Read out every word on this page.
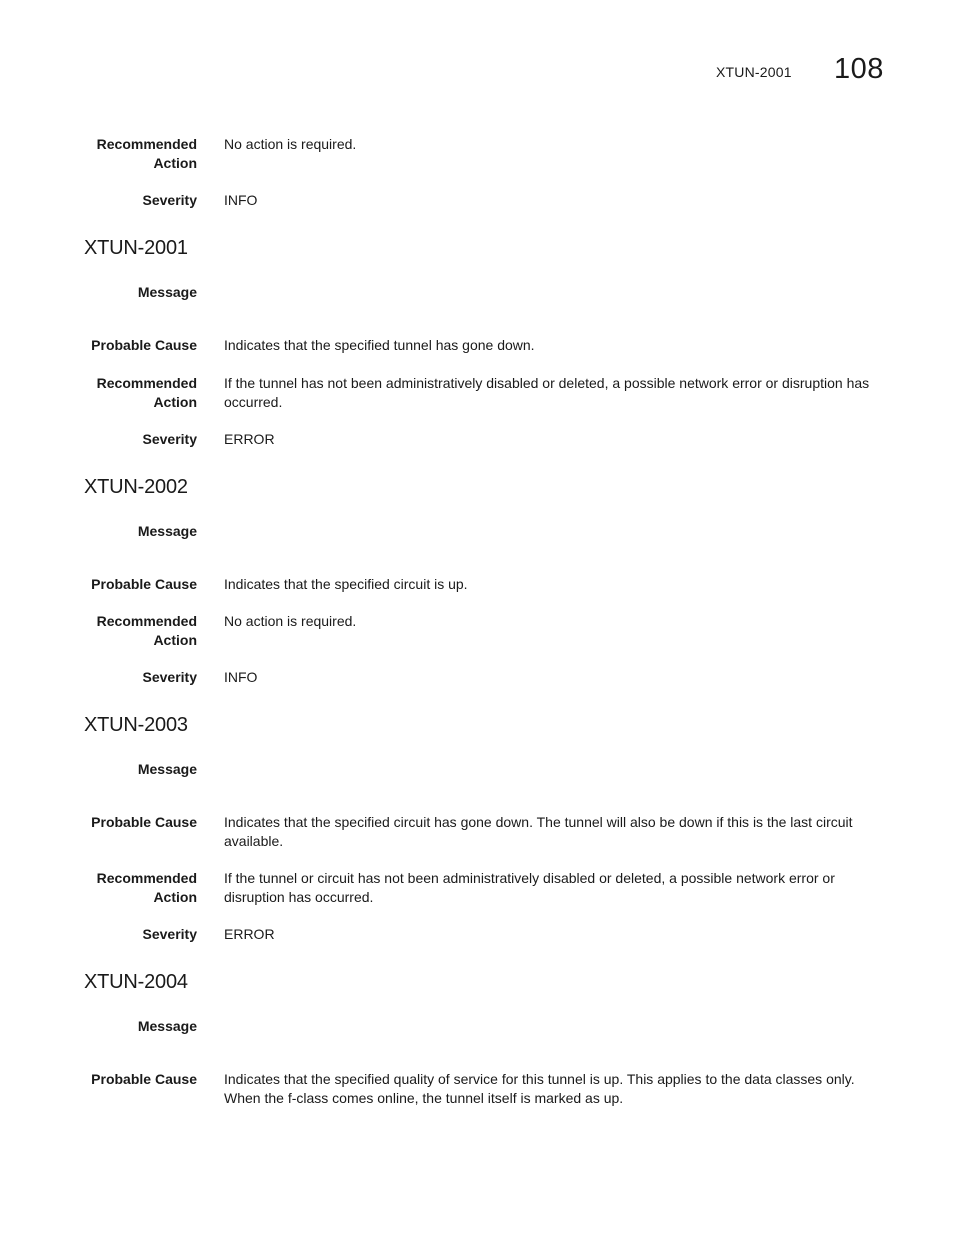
XTUN-2001 108
Recommended
Action
No action is required.
Severity INFO
XTUN-2001
Message
Probable Cause Indicates that the specified tunnel has gone down.
Recommended
Action
If the tunnel has not been administratively disabled or deleted, a possible network error or disruption has occurred.
Severity ERROR
XTUN-2002
Message
Probable Cause Indicates that the specified circuit is up.
Recommended
Action
No action is required.
Severity INFO
XTUN-2003
Message
Probable Cause Indicates that the specified circuit has gone down. The tunnel will also be down if this is the last circuit available.
Recommended
Action
If the tunnel or circuit has not been administratively disabled or deleted, a possible network error or disruption has occurred.
Severity ERROR
XTUN-2004
Message
Probable Cause Indicates that the specified quality of service for this tunnel is up. This applies to the data classes only. When the f-class comes online, the tunnel itself is marked as up.
